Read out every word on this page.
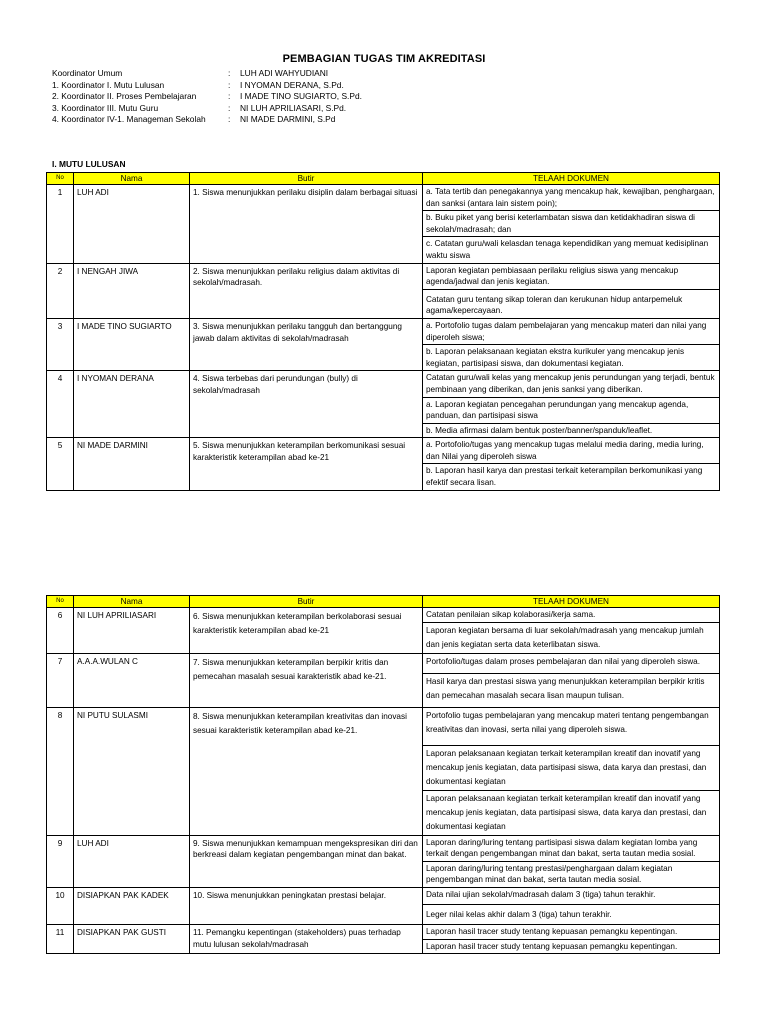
PEMBAGIAN TUGAS TIM AKREDITASI
Koordinator Umum	:	LUH ADI WAHYUDIANI
1. Koordinator I. Mutu Lulusan	:	I NYOMAN DERANA, S.Pd.
2. Koordinator II. Proses Pembelajaran	:	I MADE TINO SUGIARTO, S.Pd.
3. Koordinator III. Mutu Guru	:	NI LUH APRILIASARI, S.Pd.
4. Koordinator IV-1. Manageman Sekolah	:	NI MADE DARMINI, S.Pd
I. MUTU LULUSAN
No	Nama	Butir	TELAAH DOKUMEN
1	LUH ADI	1. Siswa menunjukkan perilaku disiplin dalam berbagai situasi	a. Tata tertib dan penegakannya yang mencakup hak, kewajiban, penghargaan, dan sanksi (antara lain sistem poin);
			b. Buku piket yang berisi keterlambatan siswa dan ketidakhadiran siswa di sekolah/madrasah; dan
			c. Catatan guru/wali kelasdan tenaga kependidikan yang memuat kedisiplinan waktu siswa
2	I NENGAH JIWA	2. Siswa menunjukkan perilaku religius dalam aktivitas di sekolah/madrasah.	Laporan kegiatan pembiasaan perilaku religius siswa yang mencakup agenda/jadwal dan jenis kegiatan.
			Catatan guru tentang sikap toleran dan kerukunan hidup antarpemeluk agama/kepercayaan.
3	I MADE TINO SUGIARTO	3. Siswa menunjukkan perilaku tangguh dan bertanggung jawab dalam aktivitas di sekolah/madrasah	a. Portofolio tugas dalam pembelajaran yang mencakup materi dan nilai yang diperoleh siswa;
			b. Laporan pelaksanaan kegiatan ekstra kurikuler yang mencakup jenis kegiatan, partisipasi siswa, dan dokumentasi kegiatan.
4	I NYOMAN DERANA	4. Siswa terbebas dari perundungan (bully) di sekolah/madrasah	Catatan guru/wali kelas yang mencakup jenis perundungan yang terjadi, bentuk pembinaan yang diberikan, dan jenis sanksi yang diberikan.
			a. Laporan kegiatan pencegahan perundungan yang mencakup agenda, panduan, dan partisipasi siswa
			b. Media afirmasi dalam bentuk poster/banner/spanduk/leaflet.
5	NI MADE DARMINI	5. Siswa menunjukkan keterampilan berkomunikasi sesuai karakteristik keterampilan abad ke-21	a. Portofolio/tugas yang mencakup tugas melalui media daring, media luring, dan Nilai yang diperoleh siswa
			b. Laporan hasil karya dan prestasi terkait keterampilan berkomunikasi yang efektif secara lisan.
No	Nama	Butir	TELAAH DOKUMEN
6	NI LUH APRILIASARI	6. Siswa menunjukkan keterampilan berkolaborasi sesuai karakteristik keterampilan abad ke-21	Catatan penilaian sikap kolaborasi/kerja sama.
			Laporan kegiatan bersama di luar sekolah/madrasah yang mencakup jumlah dan jenis kegiatan serta data keterlibatan siswa.
7	A.A.A.WULAN C	7. Siswa menunjukkan keterampilan berpikir kritis dan pemecahan masalah sesuai karakteristik abad ke-21.	Portofolio/tugas dalam proses pembelajaran dan nilai yang diperoleh siswa.
			Hasil karya dan prestasi siswa yang menunjukkan keterampilan berpikir kritis dan pemecahan masalah secara lisan maupun tulisan.
8	NI PUTU SULASMI	8. Siswa menunjukkan keterampilan kreativitas dan inovasi sesuai karakteristik keterampilan abad ke-21.	Portofolio tugas pembelajaran yang mencakup materi tentang pengembangan kreativitas dan inovasi, serta nilai yang diperoleh siswa.
			Laporan pelaksanaan kegiatan terkait keterampilan kreatif dan inovatif yang mencakup jenis kegiatan, data partisipasi siswa, data karya dan prestasi, dan dokumentasi kegiatan
			Laporan pelaksanaan kegiatan terkait keterampilan kreatif dan inovatif yang mencakup jenis kegiatan, data partisipasi siswa, data karya dan prestasi, dan dokumentasi kegiatan
9	LUH ADI	9. Siswa menunjukkan kemampuan mengekspresikan diri dan berkreasi dalam kegiatan pengembangan minat dan bakat.	Laporan daring/luring tentang partisipasi siswa dalam kegiatan lomba yang terkait dengan pengembangan minat dan bakat, serta tautan media sosial.
			Laporan daring/luring tentang prestasi/penghargaan dalam kegiatan pengembangan minat dan bakat, serta tautan media sosial.
10	DISIAPKAN PAK KADEK	10. Siswa menunjukkan peningkatan prestasi belajar.	Data nilai ujian sekolah/madrasah dalam 3 (tiga) tahun terakhir.
			Leger nilai kelas akhir dalam 3 (tiga) tahun terakhir.
11	DISIAPKAN PAK GUSTI	11. Pemangku kepentingan (stakeholders) puas terhadap mutu lulusan sekolah/madrasah	Laporan hasil tracer study tentang kepuasan pemangku kepentingan.
			Laporan hasil tracer study tentang kepuasan pemangku kepentingan.
